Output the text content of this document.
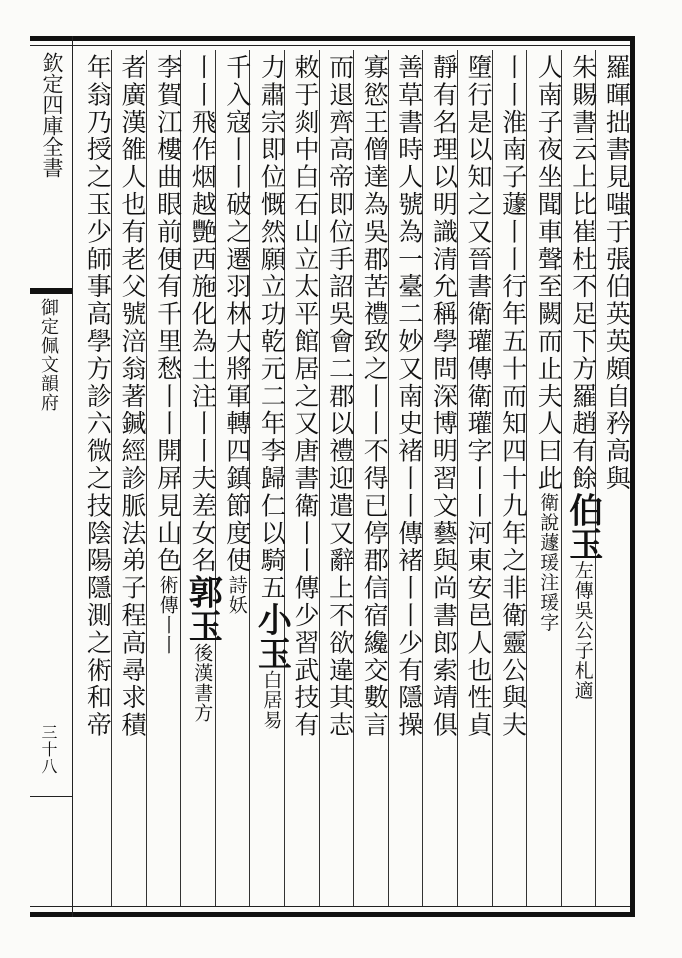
欽定四庫全書
御定佩文韻府
三十八
羅暉拙書見嗤于張伯英英頗自矜高與
朱賜書云上比崔杜不足下方羅趙有餘伯玉左傳吳公子札適
人南子夜坐聞車聲至闕而止夫人曰此衛說蘧瑗注瑗字
丨丨淮南子蘧丨丨行年五十而知四十九年之非衛靈公與夫
墮行是以知之又晉書衛瓘傳衛瓘字丨丨河東安邑人也性貞
靜有名理以明識清允稱學問深博明習文藝與尚書郎索靖俱
善草書時人號為一臺二妙又南史褚丨丨傳褚丨丨少有隱操
寡慾王僧達為吳郡苦禮致之丨丨不得已停郡信宿纔交數言
而退齊高帝即位手詔吳會二郡以禮迎遣又辭上不欲違其志
敕于剡中白石山立太平館居之又唐書衛丨丨傳少習武技有
力肅宗即位慨然願立功乾元二年李歸仁以騎五小玉白居易
千入寇丨丨破之遷羽林大將軍轉四鎮節度使詩妖
丨丨飛作烟越艷西施化為土注丨丨夫差女名郭玉後漢書方
李賀江樓曲眼前便有千里愁丨丨開屏見山色術傳丨丨
者廣漢雒人也有老父號涪翁著鍼經診脈法弟子程高尋求積
年翁乃授之玉少師事高學方診六微之技陰陽隱測之術和帝
